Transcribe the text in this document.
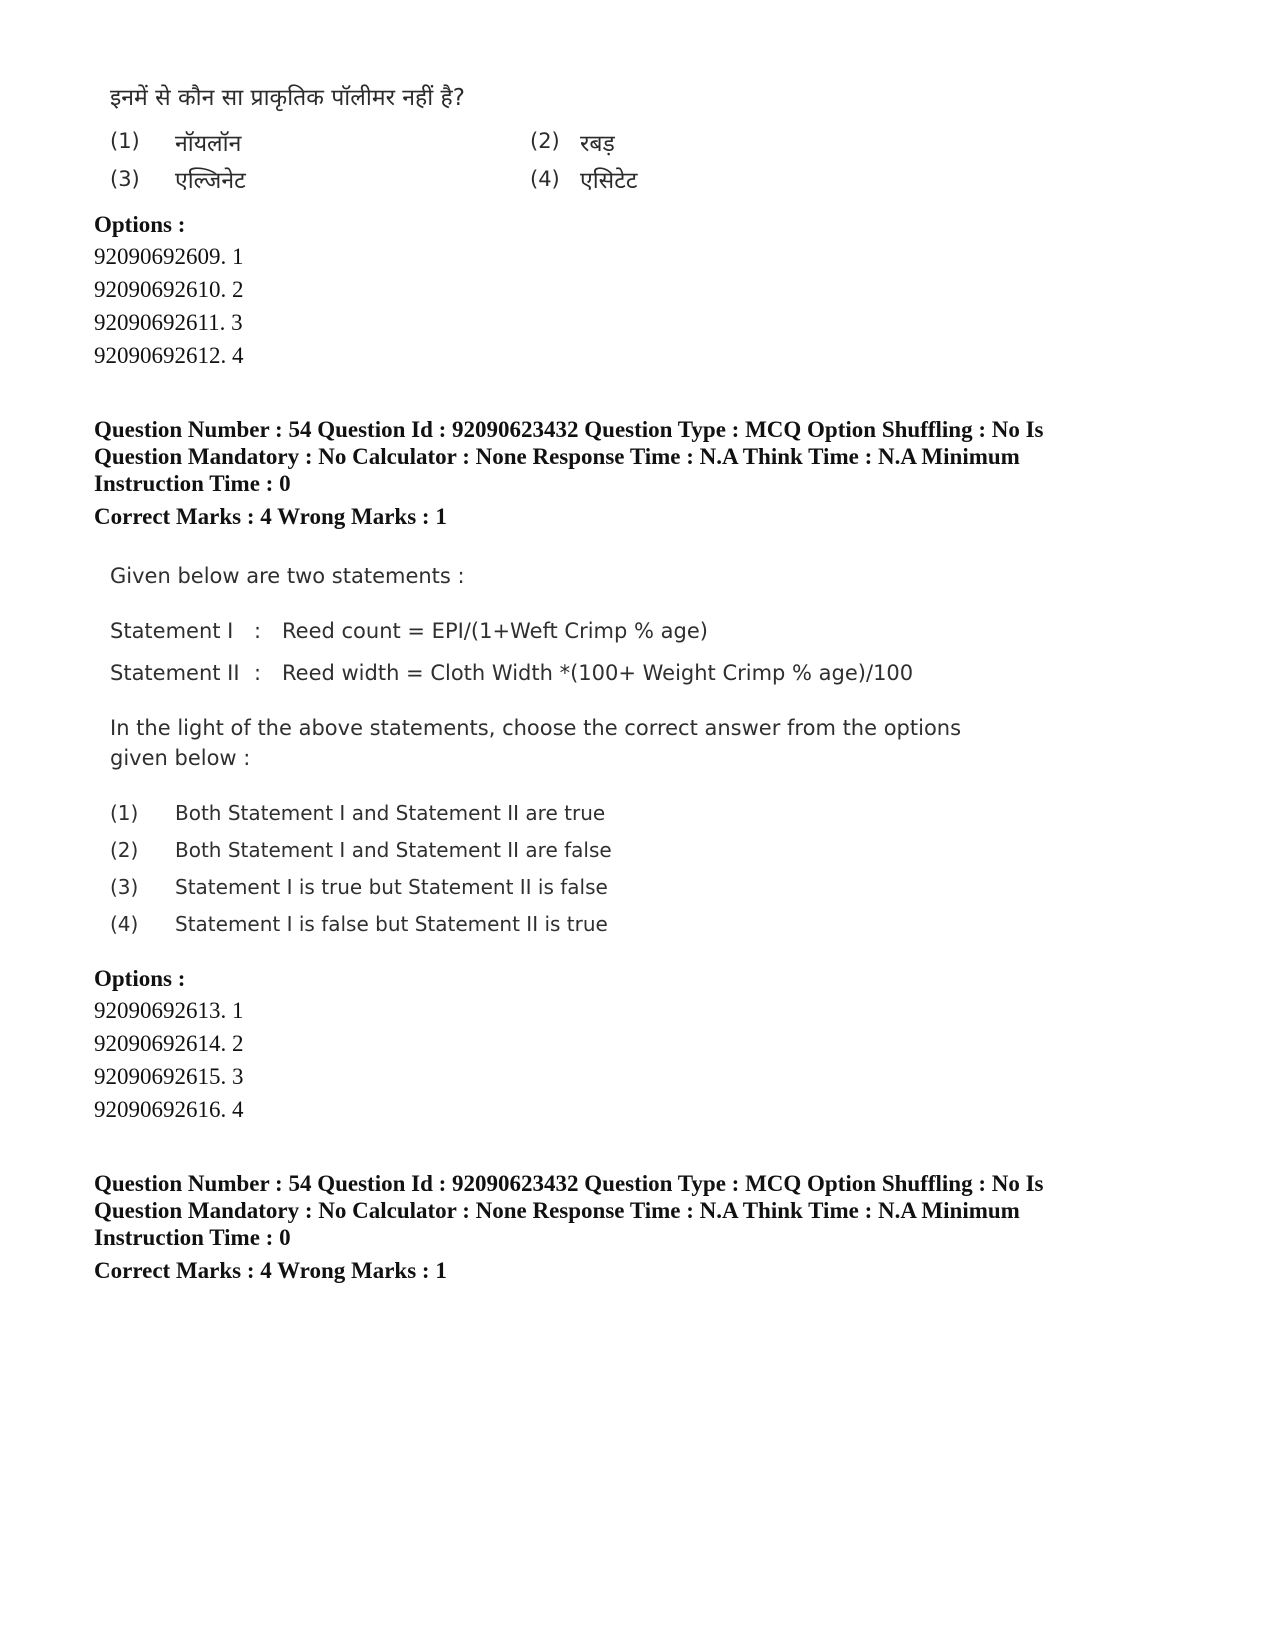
इनमें से कौन सा प्राकृतिक पॉलीमर नहीं है?
(1) नॉयलॉन	(2) रबड़
(3) एल्जिनेट	(4) एसिटेट
Options :
92090692609. 1
92090692610. 2
92090692611. 3
92090692612. 4
Question Number : 54 Question Id : 92090623432 Question Type : MCQ Option Shuffling : No Is
Question Mandatory : No Calculator : None Response Time : N.A Think Time : N.A Minimum
Instruction Time : 0
Correct Marks : 4 Wrong Marks : 1
Given below are two statements :
Statement I : Reed count = EPI/(1+Weft Crimp % age)
Statement II : Reed width = Cloth Width *(100+ Weight Crimp % age)/100
In the light of the above statements, choose the correct answer from the options
given below :
(1) Both Statement I and Statement II are true
(2) Both Statement I and Statement II are false
(3) Statement I is true but Statement II is false
(4) Statement I is false but Statement II is true
Options :
92090692613. 1
92090692614. 2
92090692615. 3
92090692616. 4
Question Number : 54 Question Id : 92090623432 Question Type : MCQ Option Shuffling : No Is
Question Mandatory : No Calculator : None Response Time : N.A Think Time : N.A Minimum
Instruction Time : 0
Correct Marks : 4 Wrong Marks : 1
